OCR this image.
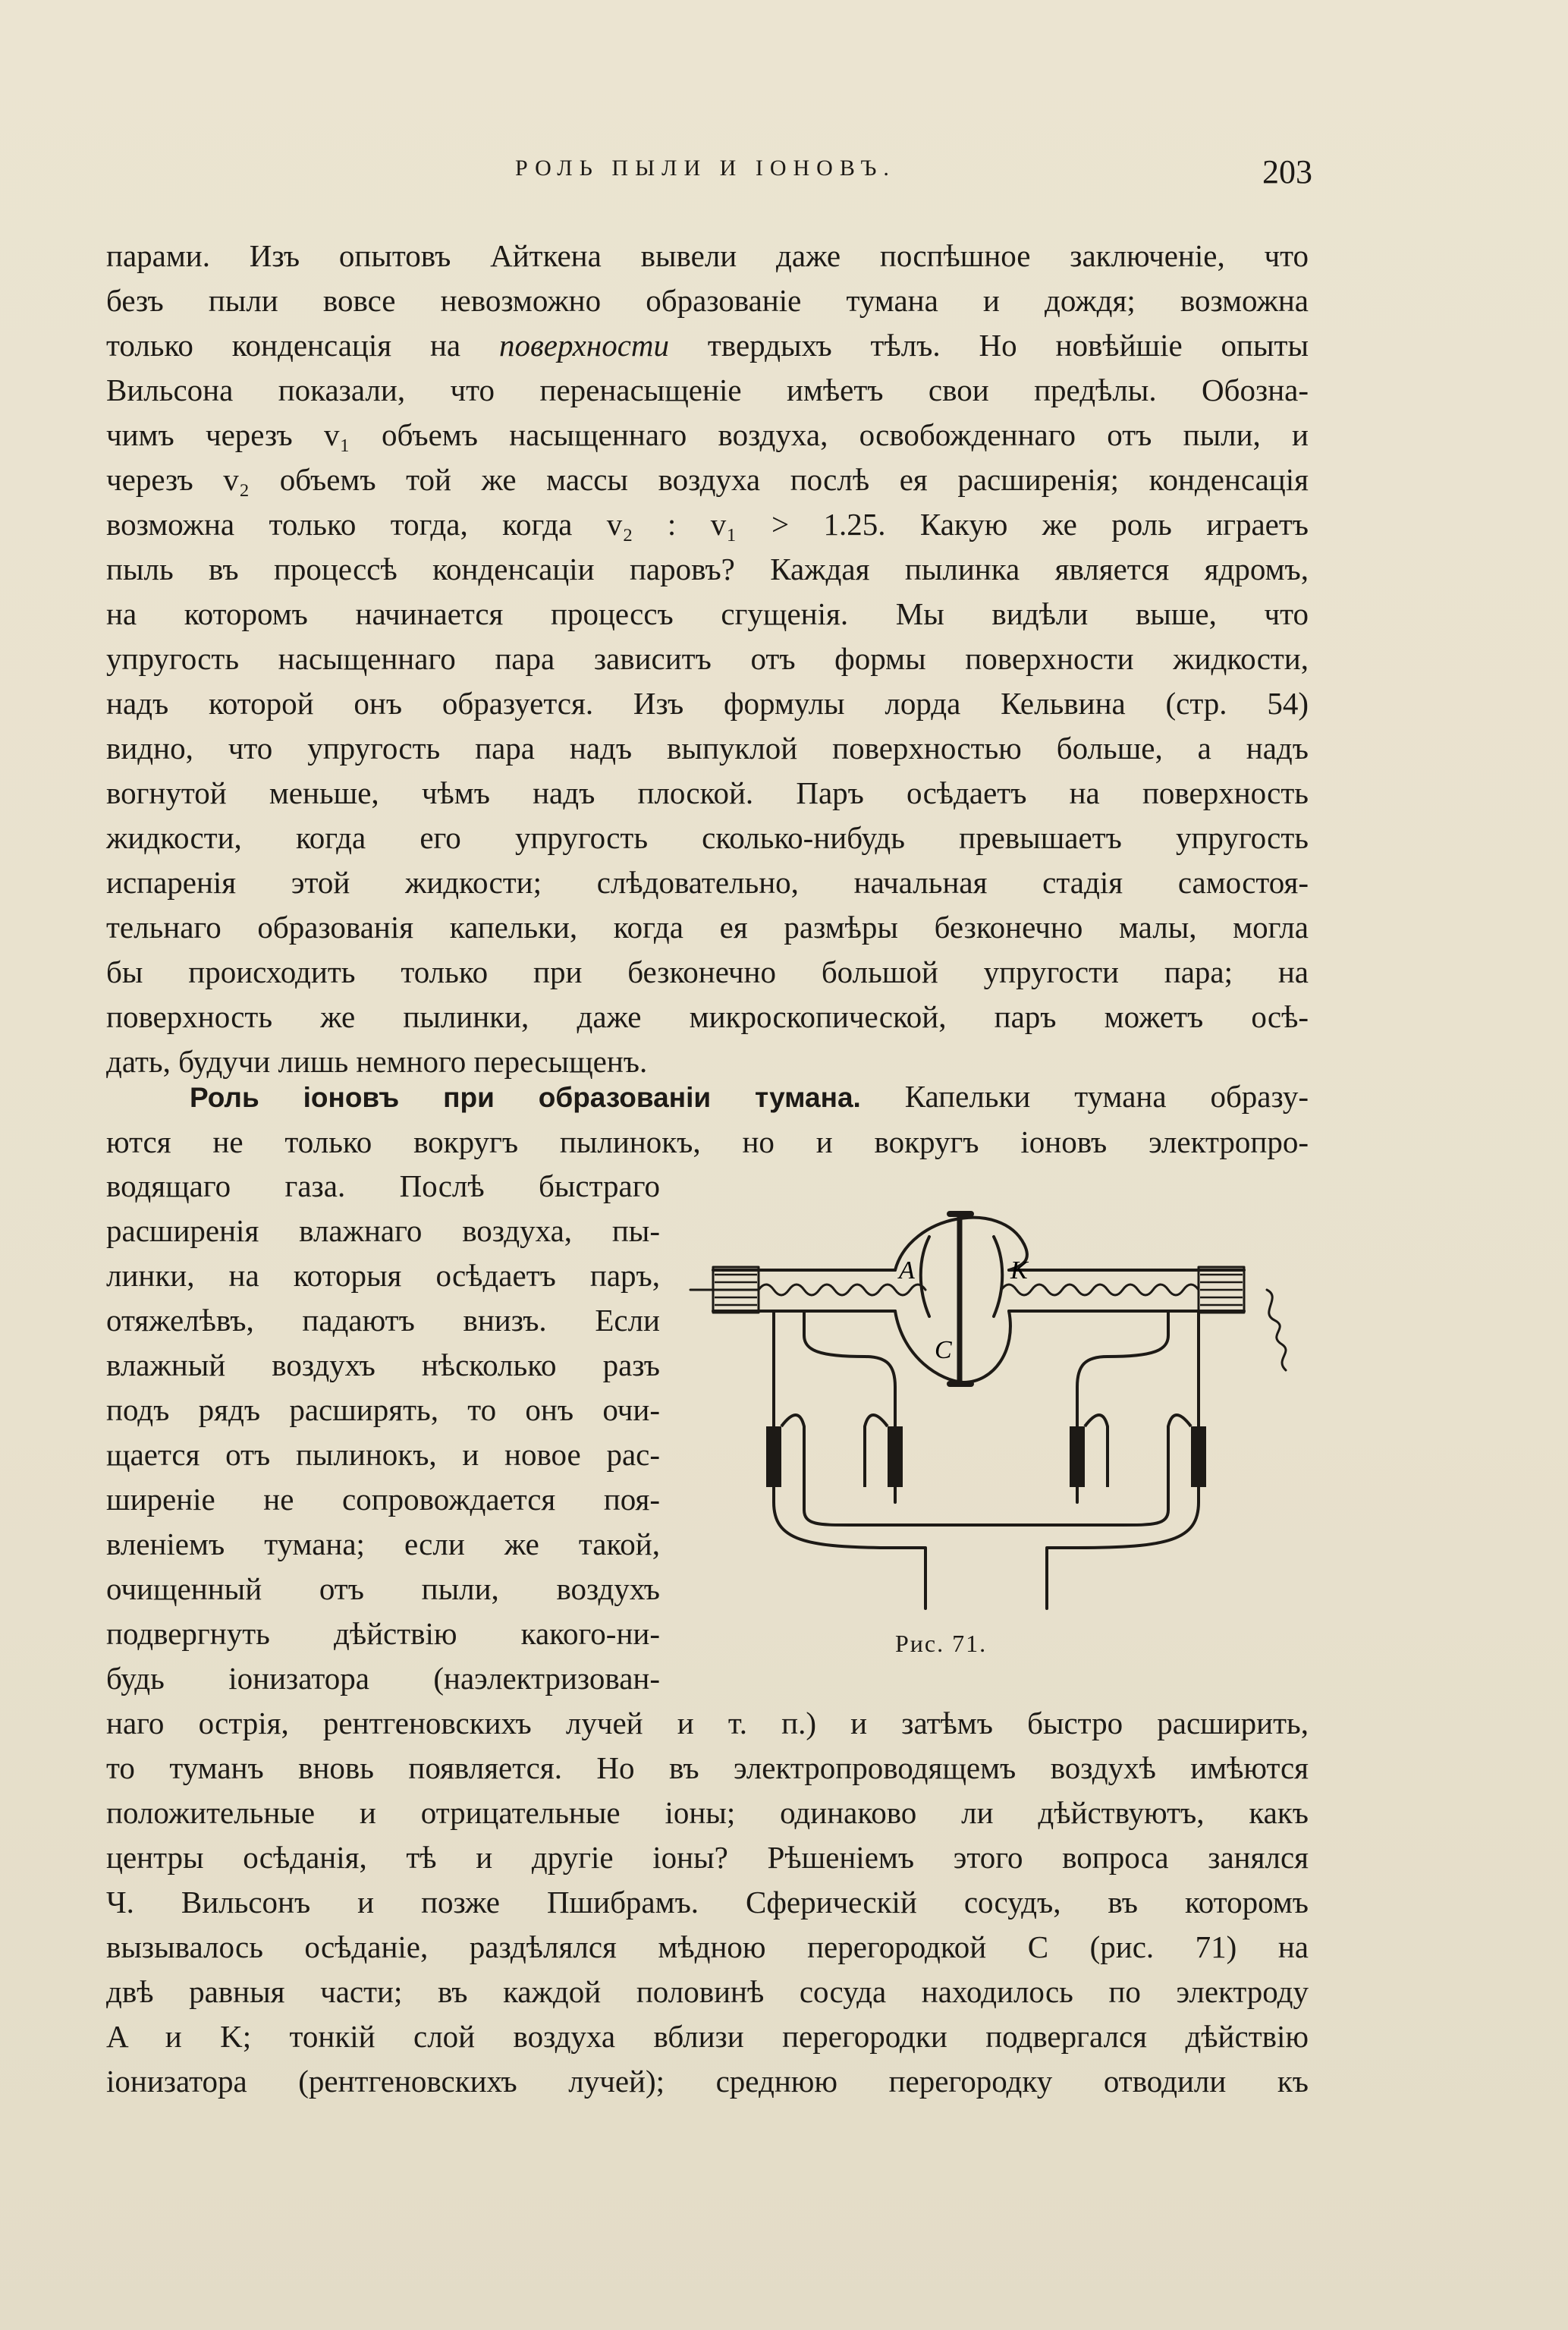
РОЛЬ ПЫЛИ И ІОНОВЪ.	203
парами. Изъ опытовъ Айткена вывели даже поспѣшное заключеніе, что
безъ пыли вовсе невозможно образованіе тумана и дождя; возможна
только конденсація на поверхности твердыхъ тѣлъ. Но новѣйшіе опыты
Вильсона показали, что перенасыщеніе имѣетъ свои предѣлы. Обозна-
чимъ черезъ v₁ объемъ насыщеннаго воздуха, освобожденнаго отъ пыли, и
черезъ v₂ объемъ той же массы воздуха послѣ ея расширенія; конденсація
возможна только тогда, когда v₂ : v₁ > 1.25. Какую же роль играетъ
пыль въ процессѣ конденсаціи паровъ? Каждая пылинка является ядромъ,
на которомъ начинается процессъ сгущенія. Мы видѣли выше, что
упругость насыщеннаго пара зависитъ отъ формы поверхности жидкости,
надъ которой онъ образуется. Изъ формулы лорда Кельвина (стр. 54)
видно, что упругость пара надъ выпуклой поверхностью больше, а надъ
вогнутой меньше, чѣмъ надъ плоской. Паръ осѣдаетъ на поверхность
жидкости, когда его упругость сколько-нибудь превышаетъ упругость
испаренія этой жидкости; слѣдовательно, начальная стадія самостоя-
тельнаго образованія капельки, когда ея размѣры безконечно малы, могла
бы происходить только при безконечно большой упругости пара; на
поверхность же пылинки, даже микроскопической, паръ можетъ осѣ-
дать, будучи лишь немного пересыщенъ.
Роль іоновъ при образованіи тумана. Капельки тумана образу-
ются не только вокругъ пылинокъ, но и вокругъ іоновъ электропро-
водящаго газа. Послѣ быстраго
расширенія влажнаго воздуха, пы-
линки, на которыя осѣдаетъ паръ,
отяжелѣвъ, падаютъ внизъ. Если
влажный воздухъ нѣсколько разъ
подъ рядъ расширять, то онъ очи-
щается отъ пылинокъ, и новое рас-
ширеніе не сопровождается поя-
вленіемъ тумана; если же такой,
очищенный отъ пыли, воздухъ
подвергнуть дѣйствію какого-ни-
будь іонизатора (наэлектризован-
наго острія, рентгеновскихъ лучей и т. п.) и затѣмъ быстро расширить,
то туманъ вновь появляется. Но въ электропроводящемъ воздухѣ имѣются
положительные и отрицательные іоны; одинаково ли дѣйствуютъ, какъ
центры осѣданія, тѣ и другіе іоны? Рѣшеніемъ этого вопроса занялся
Ч. Вильсонъ и позже Пшибрамъ. Сферическій сосудъ, въ которомъ
вызывалось осѣданіе, раздѣлялся мѣдною перегородкой C (рис. 71) на
двѣ равныя части; въ каждой половинѣ сосуда находилось по электроду
A и K; тонкій слой воздуха вблизи перегородки подвергался дѣйствію
іонизатора (рентгеновскихъ лучей); среднюю перегородку отводили къ
A	K
C
Рис. 71.
